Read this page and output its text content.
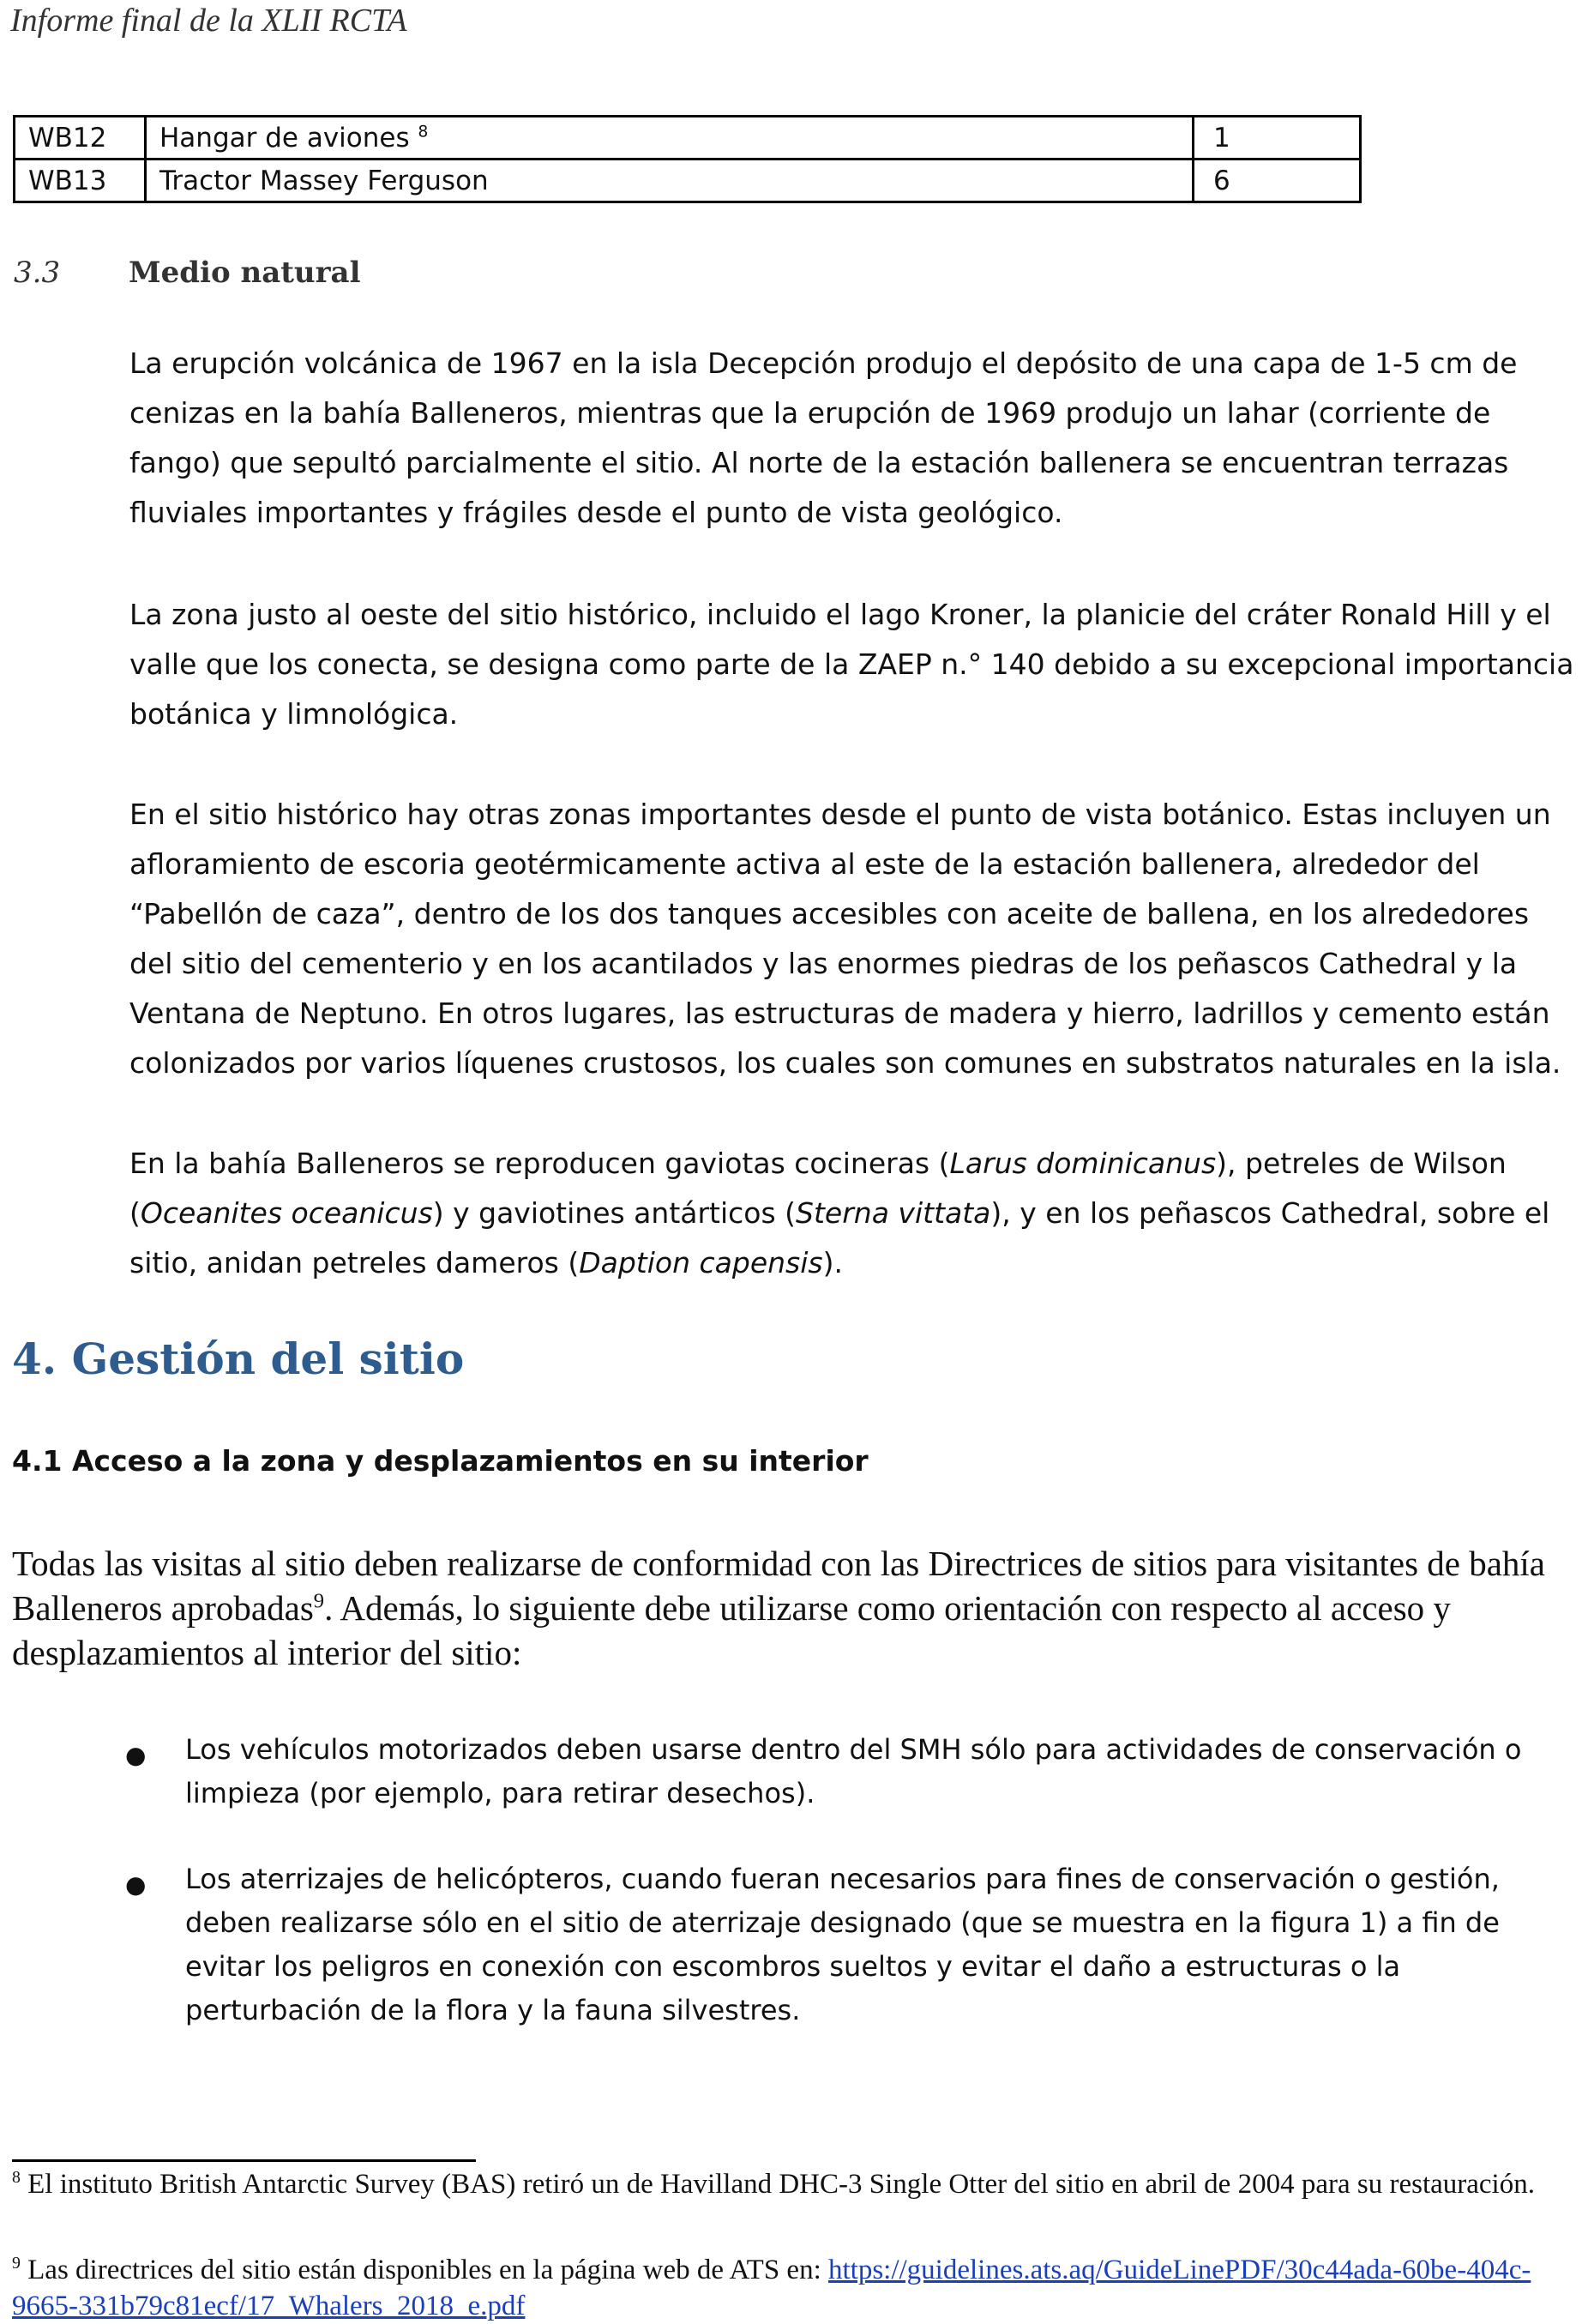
Informe final de la XLII RCTA
WB12	Hangar de aviones $^8$	1
WB13	Tractor Massey Ferguson	6
3.3 Medio natural

La erupción volcánica de 1967 en la isla Decepción produjo el depósito de una capa de 1-5 cm de cenizas en la bahía Balleneros, mientras que la erupción de 1969 produjo un lahar (corriente de fango) que sepultó parcialmente el sitio. Al norte de la estación ballenera se encuentran terrazas fluviales importantes y frágiles desde el punto de vista geológico.

La zona justo al oeste del sitio histórico, incluido el lago Kroner, la planicie del cráter Ronald Hill y el valle que los conecta, se designa como parte de la ZAEP n.° 140 debido a su excepcional importancia botánica y limnológica.

En el sitio histórico hay otras zonas importantes desde el punto de vista botánico. Estas incluyen un afloramiento de escoria geotérmicamente activa al este de la estación ballenera, alrededor del “Pabellón de caza”, dentro de los dos tanques accesibles con aceite de ballena, en los alrededores del sitio del cementerio y en los acantilados y las enormes piedras de los peñascos Cathedral y la Ventana de Neptuno. En otros lugares, las estructuras de madera y hierro, ladrillos y cemento están colonizados por varios líquenes crustosos, los cuales son comunes en substratos naturales en la isla.

En la bahía Balleneros se reproducen gaviotas cocineras (Larus dominicanus), petreles de Wilson (Oceanites oceanicus) y gaviotines antárticos (Sterna vittata), y en los peñascos Cathedral, sobre el sitio, anidan petreles dameros (Daption capensis).

4. Gestión del sitio
4.1 Acceso a la zona y desplazamientos en su interior

Todas las visitas al sitio deben realizarse de conformidad con las Directrices de sitios para visitantes de bahía Balleneros aprobadas$^9$. Además, lo siguiente debe utilizarse como orientación con respecto al acceso y desplazamientos al interior del sitio:

● Los vehículos motorizados deben usarse dentro del SMH sólo para actividades de conservación o limpieza (por ejemplo, para retirar desechos).

● Los aterrizajes de helicópteros, cuando fueran necesarios para fines de conservación o gestión, deben realizarse sólo en el sitio de aterrizaje designado (que se muestra en la figura 1) a fin de evitar los peligros en conexión con escombros sueltos y evitar el daño a estructuras o la perturbación de la flora y la fauna silvestres.

$^8$ El instituto British Antarctic Survey (BAS) retiró un de Havilland DHC-3 Single Otter del sitio en abril de 2004 para su restauración.

$^9$ Las directrices del sitio están disponibles en la página web de ATS en: https://guidelines.ats.aq/GuideLinePDF/30c44ada-60be-404c-9665-331b79c81ecf/17_Whalers_2018_e.pdf
